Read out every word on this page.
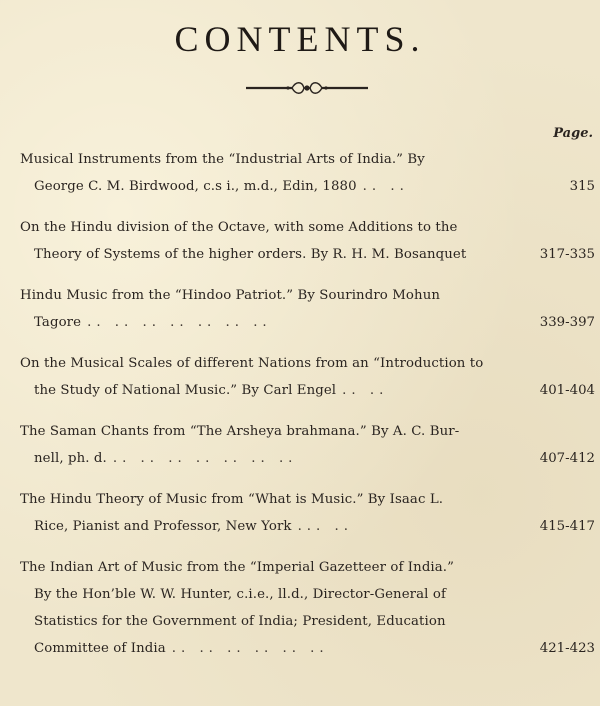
CONTENTS.
Page.
Musical Instruments from the “Industrial Arts of India.” By
George C. M. Birdwood, c.s i., m.d., Edin, 1880 .. ..	315
On the Hindu division of the Octave, with some Additions to the
Theory of Systems of the higher orders. By R. H. M. Bosanquet	317-335
Hindu Music from the “Hindoo Patriot.” By Sourindro Mohun
Tagore .. .. .. .. .. .. ..	339-397
On the Musical Scales of different Nations from an “Introduction to
the Study of National Music.” By Carl Engel .. ..	401-404
The Saman Chants from “The Arsheya brahmana.” By A. C. Bur-
nell, ph. d. .. .. .. .. .. .. ..	407-412
The Hindu Theory of Music from “What is Music.” By Isaac L.
Rice, Pianist and Professor, New York ... ..	415-417
The Indian Art of Music from the “Imperial Gazetteer of India.”
By the Hon’ble W. W. Hunter, c.i.e., ll.d., Director-General of
Statistics for the Government of India; President, Education
Committee of India .. .. .. .. .. ..	421-423
